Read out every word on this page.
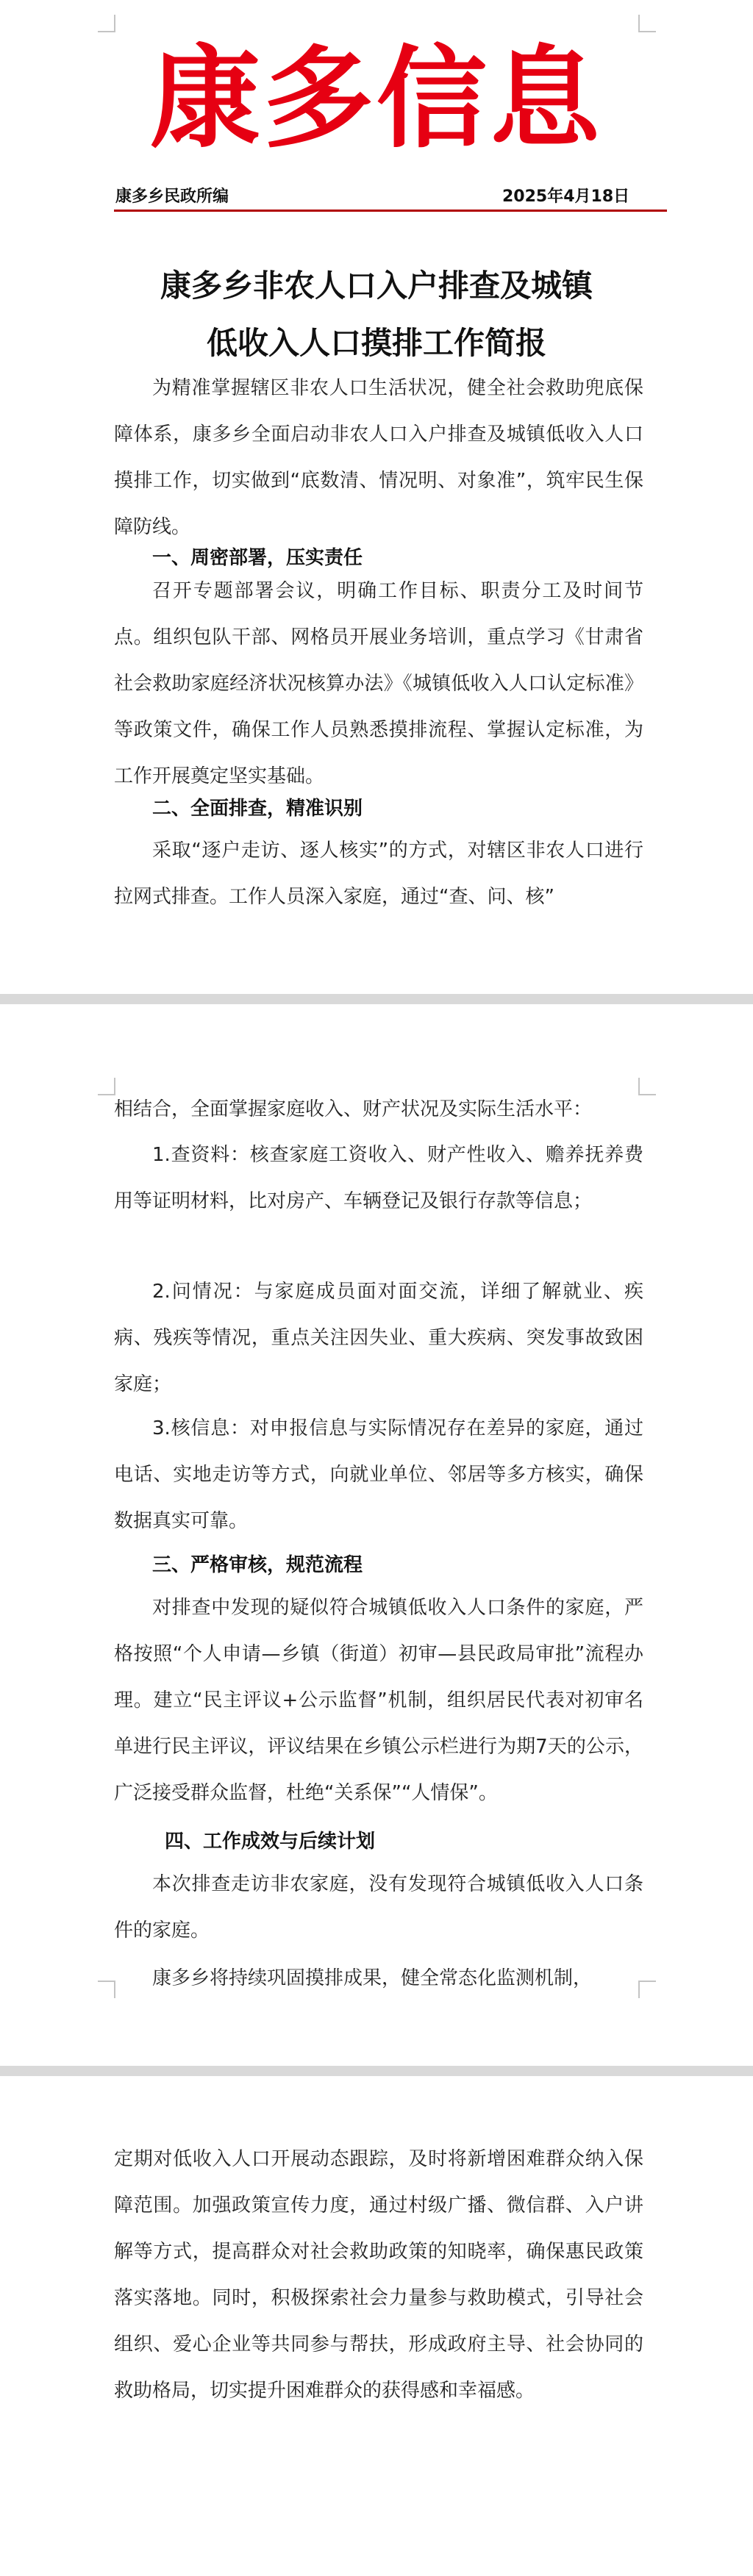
康多信息
康多乡民政所编	2025年4月18日
康多乡非农人口入户排查及城镇
低收入人口摸排工作简报

为精准掌握辖区非农人口生活状况，健全社会救助兜底保障体系，康多乡全面启动非农人口入户排查及城镇低收入人口摸排工作，切实做到“底数清、情况明、对象准”，筑牢民生保障防线。

一、周密部署，压实责任

召开专题部署会议，明确工作目标、职责分工及时间节点。组织包队干部、网格员开展业务培训，重点学习《甘肃省社会救助家庭经济状况核算办法》《城镇低收入人口认定标准》等政策文件，确保工作人员熟悉摸排流程、掌握认定标准，为工作开展奠定坚实基础。

二、全面排查，精准识别

采取“逐户走访、逐人核实”的方式，对辖区非农人口进行拉网式排查。工作人员深入家庭，通过“查、问、核”

相结合，全面掌握家庭收入、财产状况及实际生活水平：

1.查资料：核查家庭工资收入、财产性收入、赡养抚养费用等证明材料，比对房产、车辆登记及银行存款等信息；

2.问情况：与家庭成员面对面交流，详细了解就业、疾病、残疾等情况，重点关注因失业、重大疾病、突发事故致困家庭；

3.核信息：对申报信息与实际情况存在差异的家庭，通过电话、实地走访等方式，向就业单位、邻居等多方核实，确保数据真实可靠。

三、严格审核，规范流程

对排查中发现的疑似符合城镇低收入人口条件的家庭，严格按照“个人申请—乡镇（街道）初审—县民政局审批”流程办理。建立“民主评议+公示监督”机制，组织居民代表对初审名单进行民主评议，评议结果在乡镇公示栏进行为期7天的公示，广泛接受群众监督，杜绝“关系保”“人情保”。

四、工作成效与后续计划

本次排查走访非农家庭，没有发现符合城镇低收入人口条件的家庭。

康多乡将持续巩固摸排成果，健全常态化监测机制，

定期对低收入人口开展动态跟踪，及时将新增困难群众纳入保障范围。加强政策宣传力度，通过村级广播、微信群、入户讲解等方式，提高群众对社会救助政策的知晓率，确保惠民政策落实落地。同时，积极探索社会力量参与救助模式，引导社会组织、爱心企业等共同参与帮扶，形成政府主导、社会协同的救助格局，切实提升困难群众的获得感和幸福感。
